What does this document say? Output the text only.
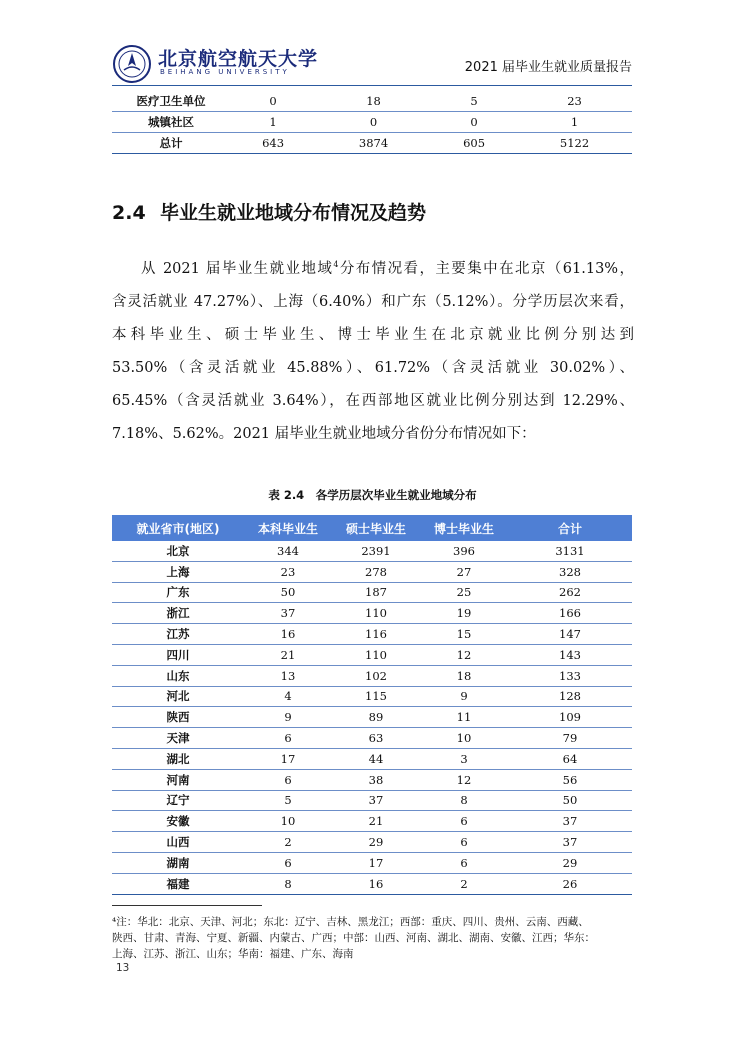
北京航空航天大学
BEIHANG UNIVERSITY	2021 届毕业生就业质量报告
医疗卫生单位	0	18	5	23
城镇社区	1	0	0	1
总计	643	3874	605	5122
2.4 毕业生就业地域分布情况及趋势

从 2021 届毕业生就业地域$^4$分布情况看，主要集中在北京（61.13%，

含灵活就业 47.27%）、上海（6.40%）和广东（5.12%）。分学历层次来看，

本科毕业生、硕士毕业生、博士毕业生在北京就业比例分别达到

53.50%（含灵活就业 45.88%）、61.72%（含灵活就业 30.02%）、

65.45%（含灵活就业 3.64%），在西部地区就业比例分别达到 12.29%、

7.18%、5.62%。2021 届毕业生就业地域分省份分布情况如下：

表 2.4　各学历层次毕业生就业地域分布
就业省市(地区)	本科毕业生	硕士毕业生	博士毕业生	合计
北京	344	2391	396	3131
上海	23	278	27	328
广东	50	187	25	262
浙江	37	110	19	166
江苏	16	116	15	147
四川	21	110	12	143
山东	13	102	18	133
河北	4	115	9	128
陕西	9	89	11	109
天津	6	63	10	79
湖北	17	44	3	64
河南	6	38	12	56
辽宁	5	37	8	50
安徽	10	21	6	37
山西	2	29	6	37
湖南	6	17	6	29
福建	8	16	2	26

⁴注：华北：北京、天津、河北；东北：辽宁、吉林、黑龙江；西部：重庆、四川、贵州、云南、西藏、

陕西、甘肃、青海、宁夏、新疆、内蒙古、广西；中部：山西、河南、湖北、湖南、安徽、江西；华东：

上海、江苏、浙江、山东；华南：福建、广东、海南

13
